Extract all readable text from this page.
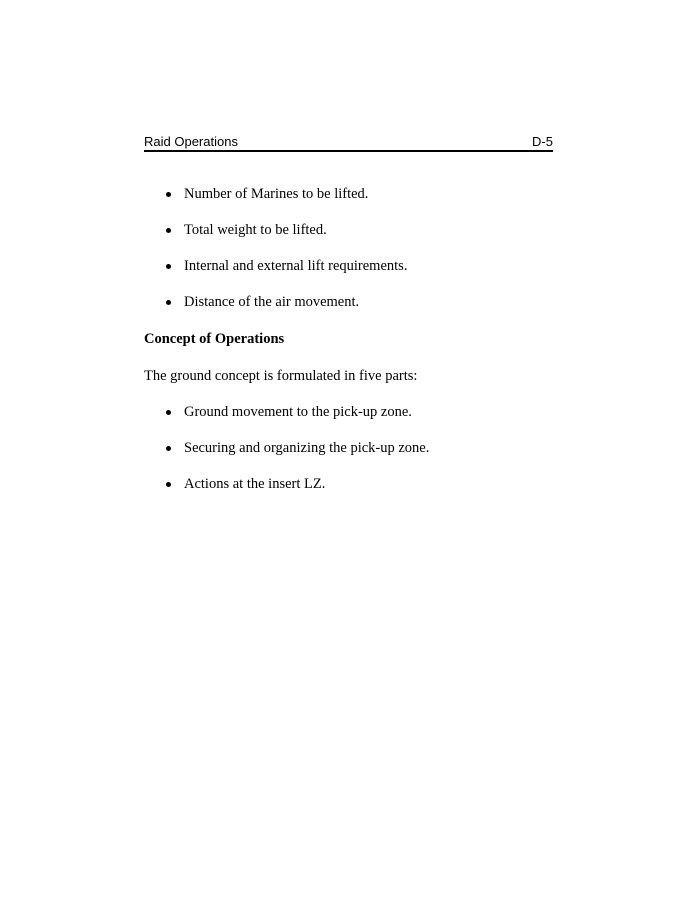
Raid Operations	D-5
Number of Marines to be lifted.
Total weight to be lifted.
Internal and external lift requirements.
Distance of the air movement.
Concept of Operations

The ground concept is formulated in five parts:

Ground movement to the pick-up zone.
Securing and organizing the pick-up zone.
Actions at the insert LZ.
